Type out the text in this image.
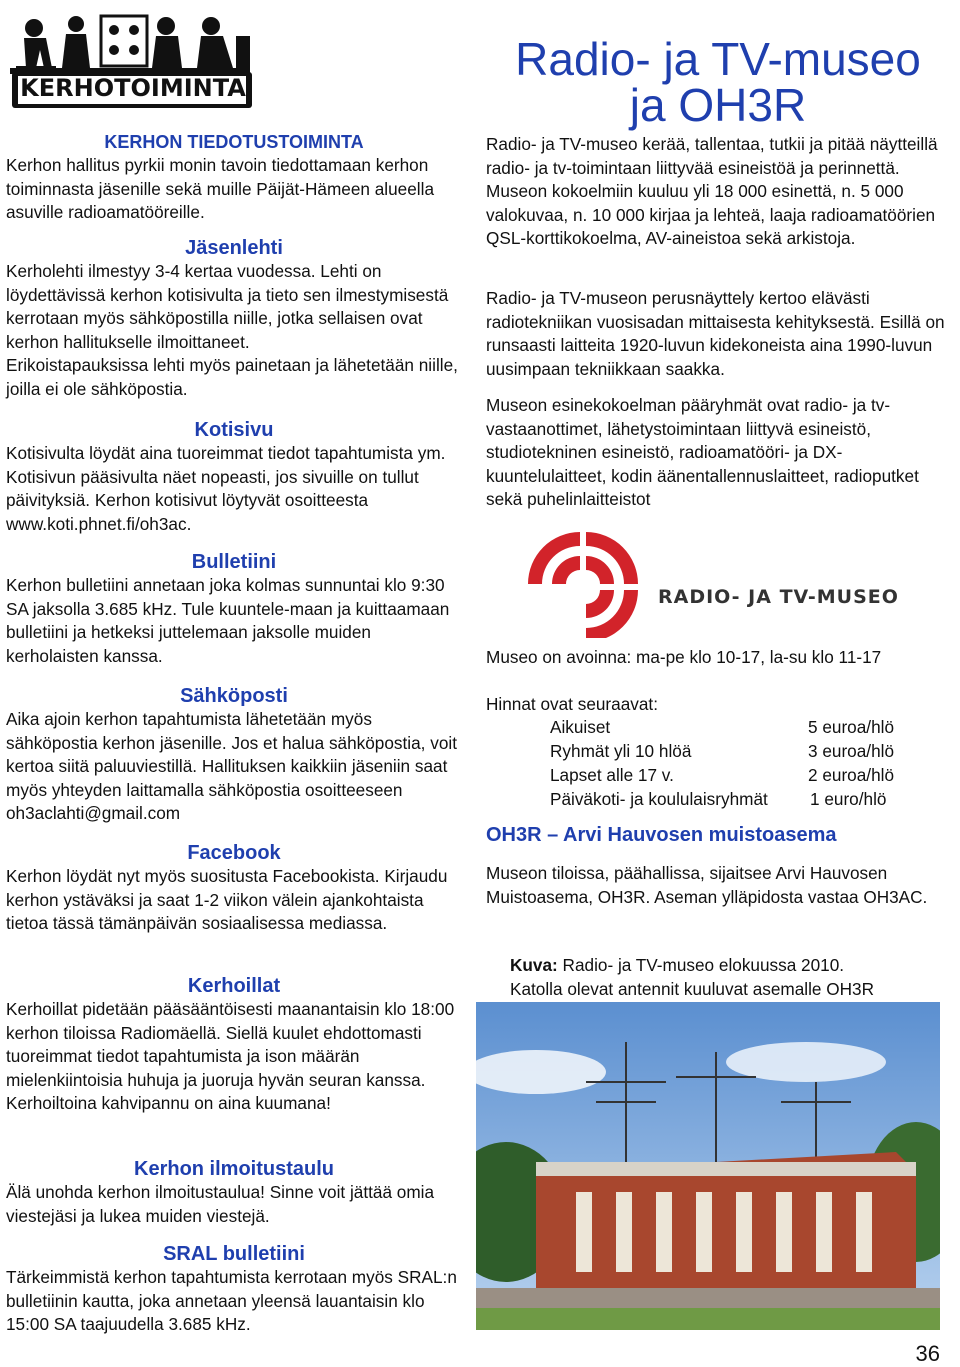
KERHOTOIMINTA

KERHON TIEDOTUSTOIMINTA

Kerhon hallitus pyrkii monin tavoin tiedottamaan kerhon toiminnasta jäsenille sekä muille Päijät-Hämeen alueella asuville radioamatööreille.

Jäsenlehti

Kerholehti ilmestyy 3-4 kertaa vuodessa. Lehti on löydettävissä kerhon kotisivulta ja tieto sen ilmestymisestä kerrotaan myös sähköpostilla niille, jotka sellaisen ovat kerhon hallitukselle ilmoittaneet.

Erikoistapauksissa lehti myös painetaan ja lähetetään niille, joilla ei ole sähköpostia.

Kotisivu

Kotisivulta löydät aina tuoreimmat tiedot tapahtumista ym. Kotisivun pääsivulta näet nopeasti, jos sivuille on tullut päivityksiä. Kerhon kotisivut löytyvät osoitteesta www.koti.phnet.fi/oh3ac.

Bulletiini

Kerhon bulletiini annetaan joka kolmas sunnuntai klo 9:30 SA jaksolla 3.685 kHz. Tule kuuntele-maan ja kuittaamaan bulletiini ja hetkeksi juttelemaan jaksolle muiden kerholaisten kanssa.

Sähköposti

Aika ajoin kerhon tapahtumista lähetetään myös sähköpostia kerhon jäsenille. Jos et halua sähköpostia, voit kertoa siitä paluuviestillä. Hallituksen kaikkiin jäseniin saat myös yhteyden laittamalla sähköpostia osoitteeseen oh3aclahti@gmail.com

Facebook

Kerhon löydät nyt myös suositusta Facebookista. Kirjaudu kerhon ystäväksi ja saat 1-2 viikon välein ajankohtaista tietoa tässä tämänpäivän sosiaalisessa mediassa.

Kerhoillat

Kerhoillat pidetään pääsääntöisesti maanantaisin klo 18:00 kerhon tiloissa Radiomäellä. Siellä kuulet ehdottomasti tuoreimmat tiedot tapahtumista ja ison määrän mielenkiintoisia huhuja ja juoruja hyvän seuran kanssa. Kerhoiltoina kahvipannu on aina kuumana!

Kerhon ilmoitustaulu

Älä unohda kerhon ilmoitustaulua! Sinne voit jättää omia viestejäsi ja lukea muiden viestejä.

SRAL bulletiini

Tärkeimmistä kerhon tapahtumista kerrotaan myös SRAL:n bulletiinin kautta, joka annetaan yleensä lauantaisin klo 15:00 SA taajuudella 3.685 kHz.

Radio- ja TV-museo
ja OH3R

Radio- ja TV-museo kerää, tallentaa, tutkii ja pitää näytteillä radio- ja tv-toimintaan liittyvää esineistöä ja perinnettä. Museon kokoelmiin kuuluu yli 18 000 esinettä, n. 5 000 valokuvaa, n. 10 000 kirjaa ja lehteä, laaja radioamatöörien QSL-korttikokoelma, AV-aineistoa sekä arkistoja.

Radio- ja TV-museon perusnäyttely kertoo elävästi radiotekniikan vuosisadan mittaisesta kehityksestä. Esillä on runsaasti laitteita 1920-luvun kidekoneista aina 1990-luvun uusimpaan tekniikkaan saakka.

Museon esinekokoelman pääryhmät ovat radio- ja tv-vastaanottimet, lähetystoimintaan liittyvä esineistö, studiotekninen esineistö, radioamatööri- ja DX-kuuntelulaitteet, kodin äänentallennuslaitteet, radioputket sekä puhelinlaitteistot

RADIO- JA TV-MUSEO

Museo on avoinna: ma-pe klo 10-17, la-su klo 11-17

Hinnat ovat seuraavat:

Aikuiset	5 euroa/hlö
Ryhmät yli 10 hlöä	3 euroa/hlö
Lapset alle 17 v.	2 euroa/hlö
Päiväkoti- ja koululaisryhmät 1 euro/hlö
OH3R – Arvi Hauvosen muistoasema

Museon tiloissa, päähallissa, sijaitsee Arvi Hauvosen Muistoasema, OH3R. Aseman ylläpidosta vastaa OH3AC.

Kuva: Radio- ja TV-museo elokuussa 2010.
Katolla olevat antennit kuuluvat asemalle OH3R
36
